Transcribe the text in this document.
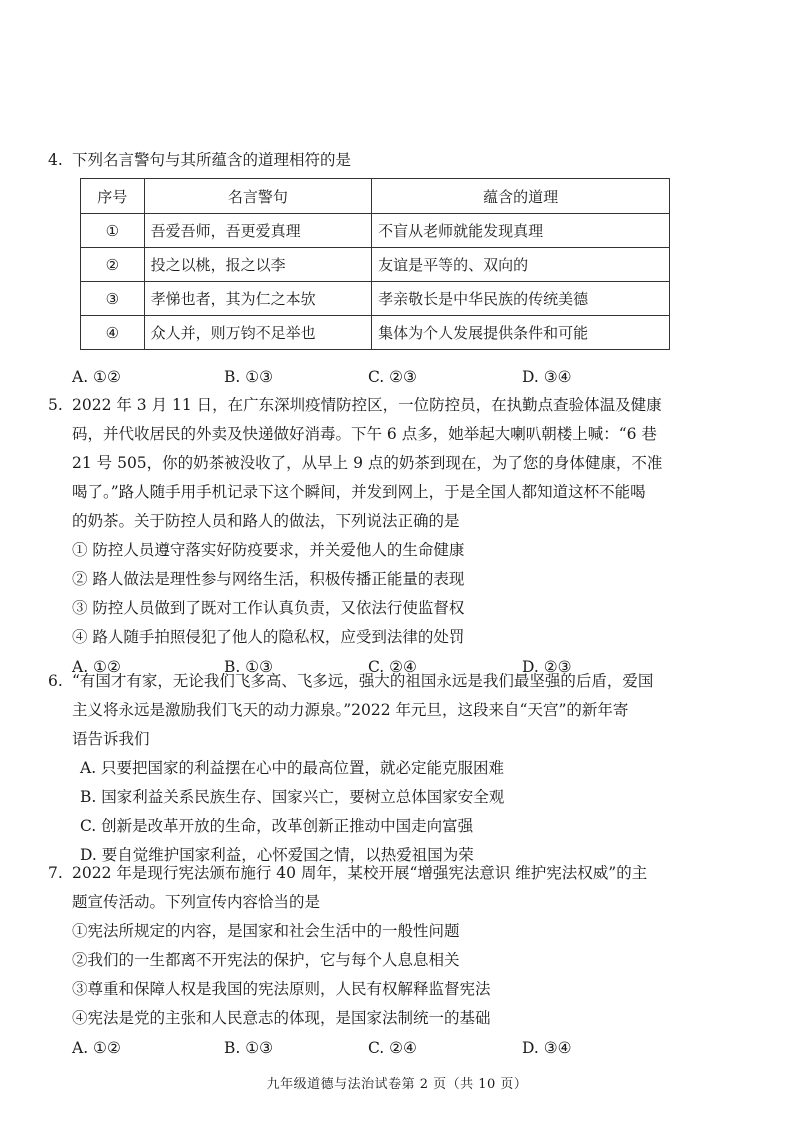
4. 下列名言警句与其所蕴含的道理相符的是
序号	名言警句	蕴含的道理
①	吾爱吾师，吾更爱真理	不盲从老师就能发现真理
②	投之以桃，报之以李	友谊是平等的、双向的
③	孝悌也者，其为仁之本欤	孝亲敬长是中华民族的传统美德
④	众人并，则万钧不足举也	集体为个人发展提供条件和可能
A. ①②	B. ①③	C. ②③	D. ③④
5. 2022 年 3 月 11 日，在广东深圳疫情防控区，一位防控员，在执勤点查验体温及健康
码，并代收居民的外卖及快递做好消毒。下午 6 点多，她举起大喇叭朝楼上喊：“6 巷
21 号 505，你的奶茶被没收了，从早上 9 点的奶茶到现在，为了您的身体健康，不准
喝了。”路人随手用手机记录下这个瞬间，并发到网上，于是全国人都知道这杯不能喝
的奶茶。关于防控人员和路人的做法，下列说法正确的是
① 防控人员遵守落实好防疫要求，并关爱他人的生命健康
② 路人做法是理性参与网络生活，积极传播正能量的表现
③ 防控人员做到了既对工作认真负责，又依法行使监督权
④ 路人随手拍照侵犯了他人的隐私权，应受到法律的处罚
A. ①②	B. ①③	C. ②④	D. ②③
6. “有国才有家，无论我们飞多高、飞多远，强大的祖国永远是我们最坚强的后盾，爱国
主义将永远是激励我们飞天的动力源泉。”2022 年元旦，这段来自“天宫”的新年寄
语告诉我们
A. 只要把国家的利益摆在心中的最高位置，就必定能克服困难
B. 国家利益关系民族生存、国家兴亡，要树立总体国家安全观
C. 创新是改革开放的生命，改革创新正推动中国走向富强
D. 要自觉维护国家利益，心怀爱国之情，以热爱祖国为荣
7. 2022 年是现行宪法颁布施行 40 周年，某校开展“增强宪法意识 维护宪法权威”的主
题宣传活动。下列宣传内容恰当的是
①宪法所规定的内容，是国家和社会生活中的一般性问题
②我们的一生都离不开宪法的保护，它与每个人息息相关
③尊重和保障人权是我国的宪法原则，人民有权解释监督宪法
④宪法是党的主张和人民意志的体现，是国家法制统一的基础
A. ①②	B. ①③	C. ②④	D. ③④
九年级道德与法治试卷第 2 页（共 10 页）
